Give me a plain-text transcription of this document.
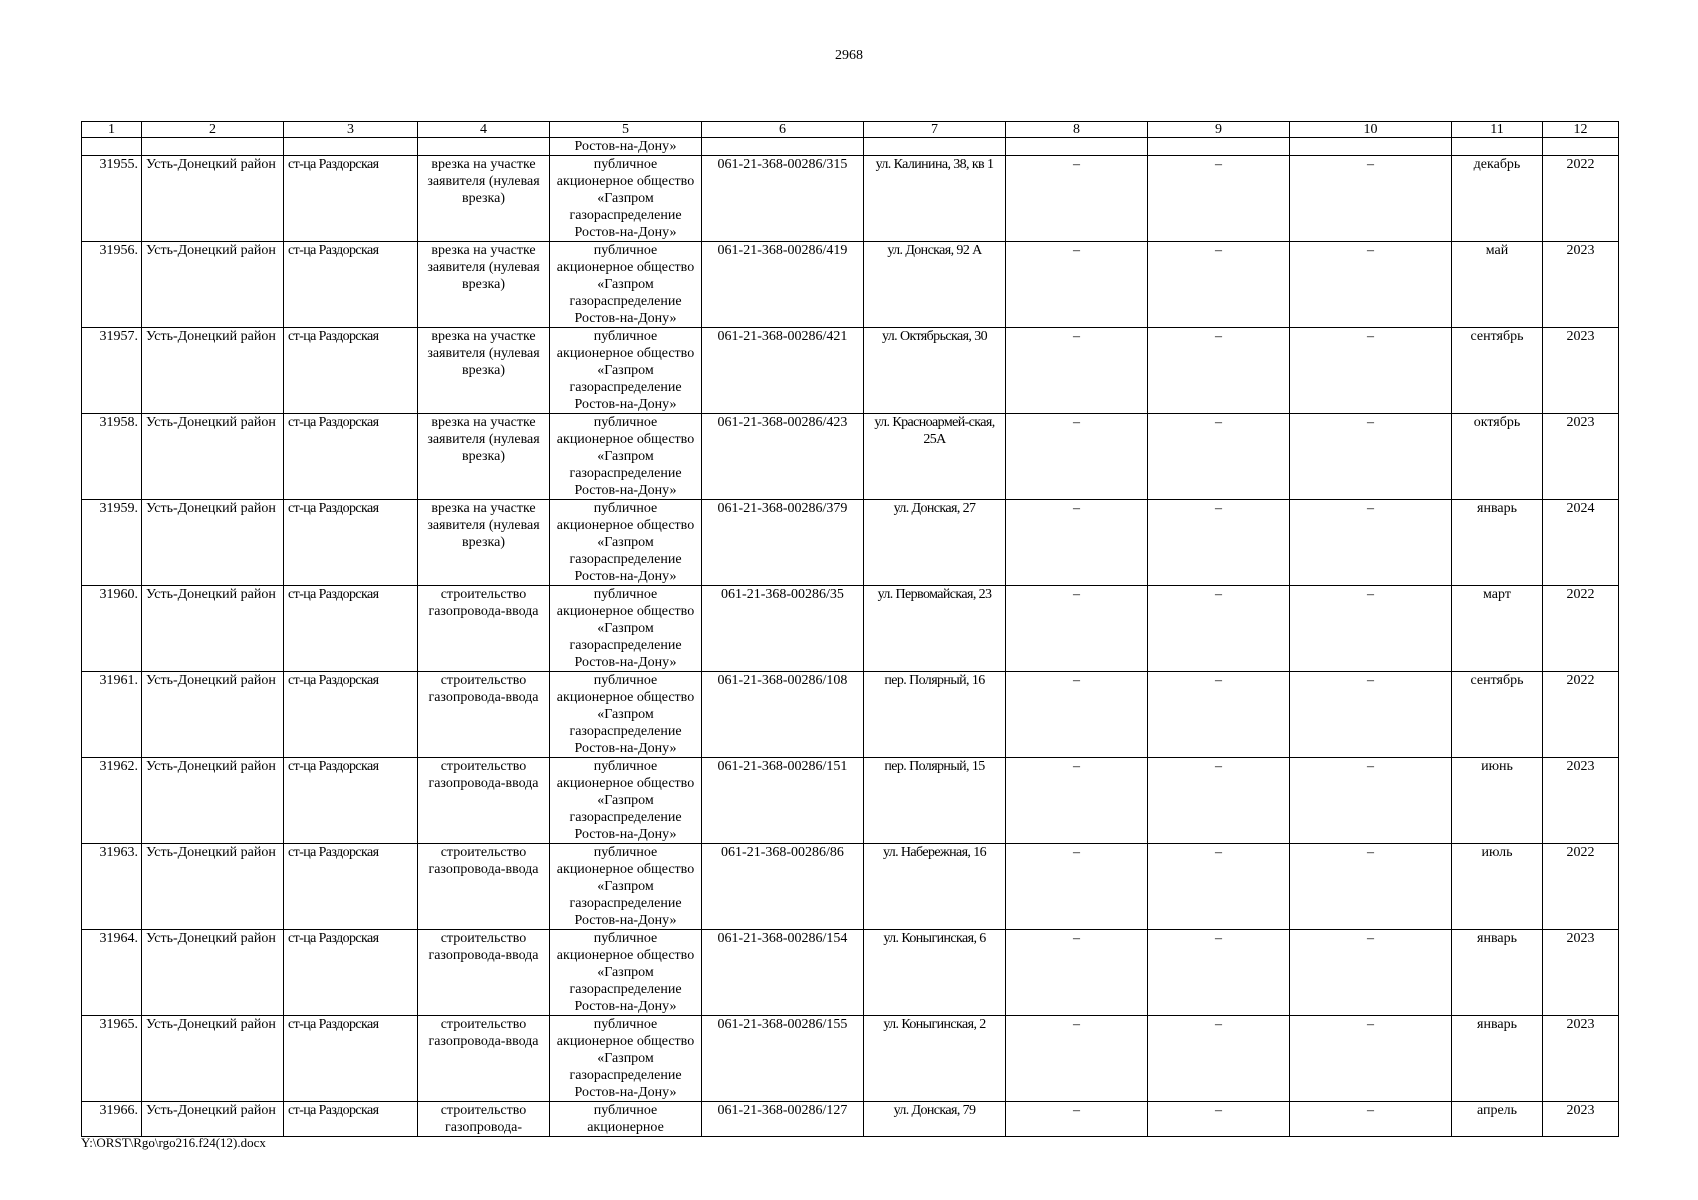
2968
1	2	3	4	5	6	7	8	9	10	11	12
				Ростов-на-Дону»							
31955.	Усть-Донецкий район	ст-ца Раздорская	врезка на участке заявителя (нулевая врезка)	публичное акционерное общество «Газпром газораспределение Ростов-на-Дону»	061-21-368-00286/315	ул. Калинина, 38, кв 1	–	–	–	декабрь	2022
31956.	Усть-Донецкий район	ст-ца Раздорская	врезка на участке заявителя (нулевая врезка)	публичное акционерное общество «Газпром газораспределение Ростов-на-Дону»	061-21-368-00286/419	ул. Донская, 92 А	–	–	–	май	2023
31957.	Усть-Донецкий район	ст-ца Раздорская	врезка на участке заявителя (нулевая врезка)	публичное акционерное общество «Газпром газораспределение Ростов-на-Дону»	061-21-368-00286/421	ул. Октябрьская, 30	–	–	–	сентябрь	2023
31958.	Усть-Донецкий район	ст-ца Раздорская	врезка на участке заявителя (нулевая врезка)	публичное акционерное общество «Газпром газораспределение Ростов-на-Дону»	061-21-368-00286/423	ул. Красноармей-ская, 25А	–	–	–	октябрь	2023
31959.	Усть-Донецкий район	ст-ца Раздорская	врезка на участке заявителя (нулевая врезка)	публичное акционерное общество «Газпром газораспределение Ростов-на-Дону»	061-21-368-00286/379	ул. Донская, 27	–	–	–	январь	2024
31960.	Усть-Донецкий район	ст-ца Раздорская	строительство газопровода-ввода	публичное акционерное общество «Газпром газораспределение Ростов-на-Дону»	061-21-368-00286/35	ул. Первомайская, 23	–	–	–	март	2022
31961.	Усть-Донецкий район	ст-ца Раздорская	строительство газопровода-ввода	публичное акционерное общество «Газпром газораспределение Ростов-на-Дону»	061-21-368-00286/108	пер. Полярный, 16	–	–	–	сентябрь	2022
31962.	Усть-Донецкий район	ст-ца Раздорская	строительство газопровода-ввода	публичное акционерное общество «Газпром газораспределение Ростов-на-Дону»	061-21-368-00286/151	пер. Полярный, 15	–	–	–	июнь	2023
31963.	Усть-Донецкий район	ст-ца Раздорская	строительство газопровода-ввода	публичное акционерное общество «Газпром газораспределение Ростов-на-Дону»	061-21-368-00286/86	ул. Набережная, 16	–	–	–	июль	2022
31964.	Усть-Донецкий район	ст-ца Раздорская	строительство газопровода-ввода	публичное акционерное общество «Газпром газораспределение Ростов-на-Дону»	061-21-368-00286/154	ул. Коныгинская, 6	–	–	–	январь	2023
31965.	Усть-Донецкий район	ст-ца Раздорская	строительство газопровода-ввода	публичное акционерное общество «Газпром газораспределение Ростов-на-Дону»	061-21-368-00286/155	ул. Коныгинская, 2	–	–	–	январь	2023
31966.	Усть-Донецкий район	ст-ца Раздорская	строительство газопровода-	публичное акционерное	061-21-368-00286/127	ул. Донская, 79	–	–	–	апрель	2023
Y:\ORST\Rgo\rgo216.f24(12).docx
